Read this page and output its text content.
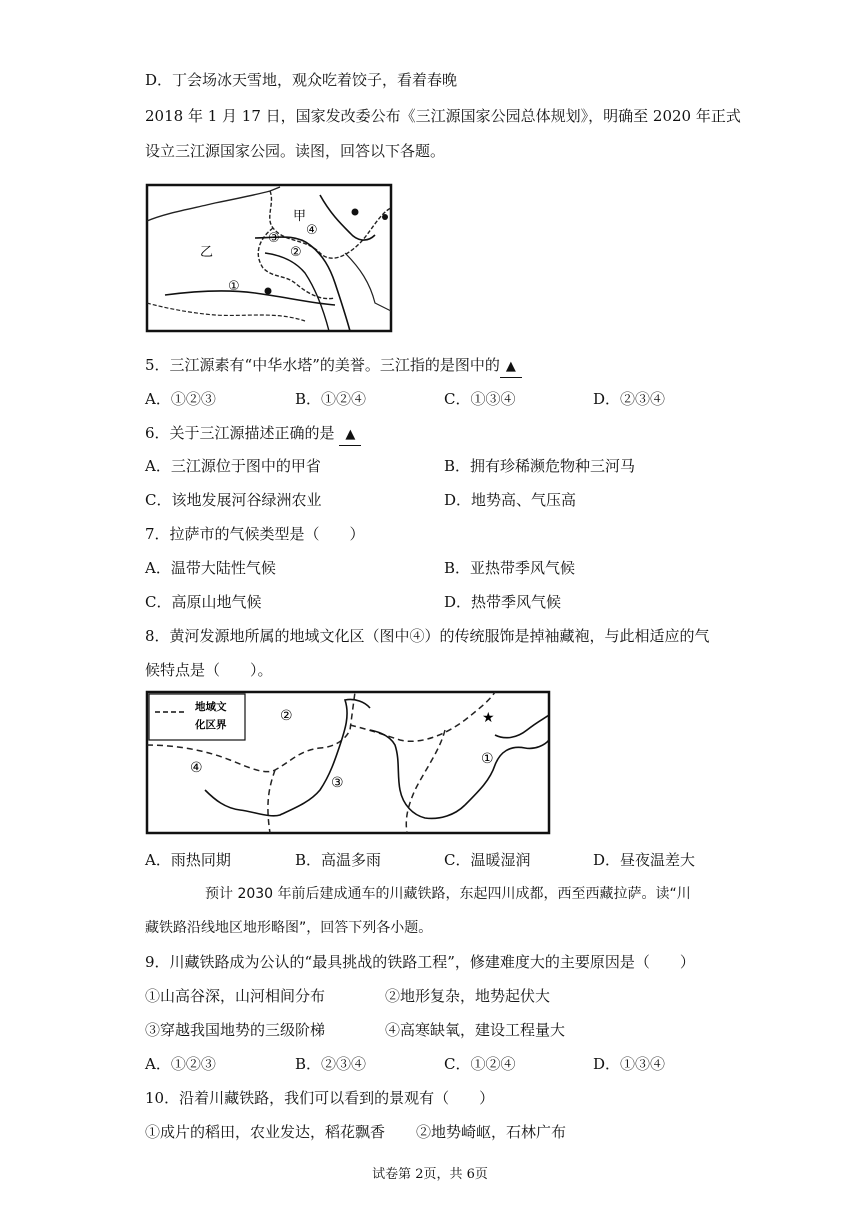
D．丁会场冰天雪地，观众吃着饺子，看着春晚
2018 年 1 月 17 日，国家发改委公布《三江源国家公园总体规划》，明确至 2020 年正式
设立三江源国家公园。读图，回答以下各题。
甲
乙
①
②
③
④
5．三江源素有“中华水塔”的美誉。三江指的是图中的 ▲
A．①②③	B．①②④	C．①③④	D．②③④
6．关于三江源描述正确的是 ▲
A．三江源位于图中的甲省	B．拥有珍稀濒危物种三河马
C．该地发展河谷绿洲农业	D．地势高、气压高
7．拉萨市的气候类型是（　　）
A．温带大陆性气候	B．亚热带季风气候
C．高原山地气候	D．热带季风气候
8．黄河发源地所属的地域文化区（图中④）的传统服饰是掉袖藏袍，与此相适应的气
候特点是（　　）。
地域文
化区界
②
④
③
①
★
A．雨热同期	B．高温多雨	C．温暖湿润	D．昼夜温差大
预计 2030 年前后建成通车的川藏铁路，东起四川成都，西至西藏拉萨。读“川
藏铁路沿线地区地形略图”，回答下列各小题。
9．川藏铁路成为公认的“最具挑战的铁路工程”，修建难度大的主要原因是（　　）
①山高谷深，山河相间分布	②地形复杂，地势起伏大
③穿越我国地势的三级阶梯	④高寒缺氧，建设工程量大
A．①②③	B．②③④	C．①②④	D．①③④
10．沿着川藏铁路，我们可以看到的景观有（　　）
①成片的稻田，农业发达，稻花飘香 ②地势崎岖，石林广布
试卷第 2页，共 6页
